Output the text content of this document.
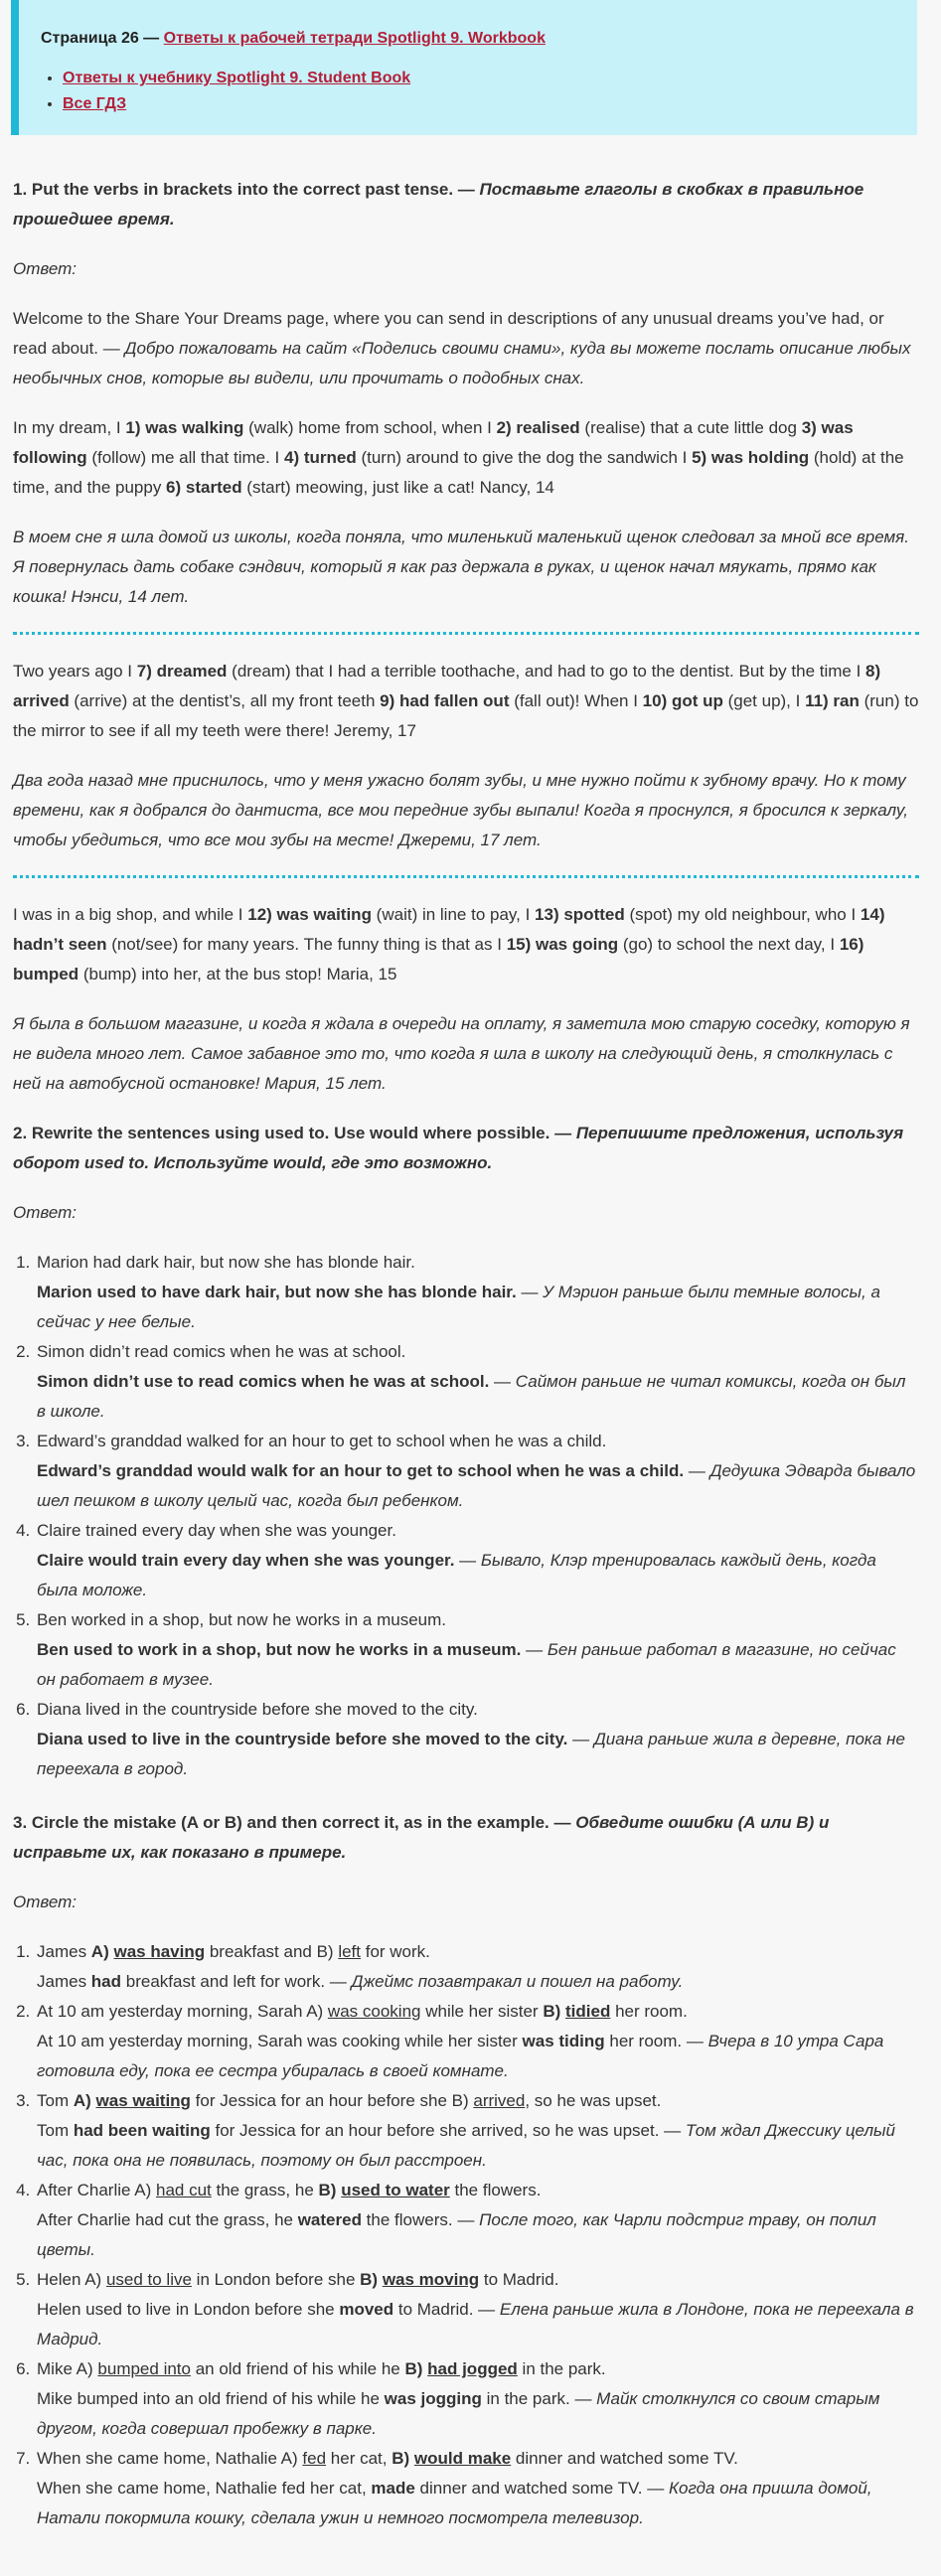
Страница 26 — Ответы к рабочей тетради Spotlight 9. Workbook
• Ответы к учебнику Spotlight 9. Student Book
• Все ГДЗ

1. Put the verbs in brackets into the correct past tense. — Поставьте глаголы в скобках в правильное прошедшее время.

Ответ:

Welcome to the Share Your Dreams page, where you can send in descriptions of any unusual dreams you’ve had, or read about. — Добро пожаловать на сайт «Поделись своими снами», куда вы можете послать описание любых необычных снов, которые вы видели, или прочитать о подобных снах.

In my dream, I 1) was walking (walk) home from school, when I 2) realised (realise) that a cute little dog 3) was following (follow) me all that time. I 4) turned (turn) around to give the dog the sandwich I 5) was holding (hold) at the time, and the puppy 6) started (start) meowing, just like a cat! Nancy, 14

В моем сне я шла домой из школы, когда поняла, что миленький маленький щенок следовал за мной все время. Я повернулась дать собаке сэндвич, который я как раз держала в руках, и щенок начал мяукать, прямо как кошка! Нэнси, 14 лет.

Two years ago I 7) dreamed (dream) that I had a terrible toothache, and had to go to the dentist. But by the time I 8) arrived (arrive) at the dentist’s, all my front teeth 9) had fallen out (fall out)! When I 10) got up (get up), I 11) ran (run) to the mirror to see if all my teeth were there! Jeremy, 17

Два года назад мне приснилось, что у меня ужасно болят зубы, и мне нужно пойти к зубному врачу. Но к тому времени, как я добрался до дантиста, все мои передние зубы выпали! Когда я проснулся, я бросился к зеркалу, чтобы убедиться, что все мои зубы на месте! Джереми, 17 лет.

I was in a big shop, and while I 12) was waiting (wait) in line to pay, I 13) spotted (spot) my old neighbour, who I 14) hadn’t seen (not/see) for many years. The funny thing is that as I 15) was going (go) to school the next day, I 16) bumped (bump) into her, at the bus stop! Maria, 15

Я была в большом магазине, и когда я ждала в очереди на оплату, я заметила мою старую соседку, которую я не видела много лет. Самое забавное это то, что когда я шла в школу на следующий день, я столкнулась с ней на автобусной остановке! Мария, 15 лет.

2. Rewrite the sentences using used to. Use would where possible. — Перепишите предложения, используя оборот used to. Используйте would, где это возможно.

Ответ:

1. Marion had dark hair, but now she has blonde hair.
Marion used to have dark hair, but now she has blonde hair. — У Мэрион раньше были темные волосы, а сейчас у нее белые.
2. Simon didn’t read comics when he was at school.
Simon didn’t use to read comics when he was at school. — Саймон раньше не читал комиксы, когда он был в школе.
3. Edward’s granddad walked for an hour to get to school when he was a child.
Edward’s granddad would walk for an hour to get to school when he was a child. — Дедушка Эдварда бывало шел пешком в школу целый час, когда был ребенком.
4. Claire trained every day when she was younger.
Claire would train every day when she was younger. — Бывало, Клэр тренировалась каждый день, когда была моложе.
5. Ben worked in a shop, but now he works in a museum.
Ben used to work in a shop, but now he works in a museum. — Бен раньше работал в магазине, но сейчас он работает в музее.
6. Diana lived in the countryside before she moved to the city.
Diana used to live in the countryside before she moved to the city. — Диана раньше жила в деревне, пока не переехала в город.

3. Circle the mistake (A or B) and then correct it, as in the example. — Обведите ошибки (А или В) и исправьте их, как показано в примере.

Ответ:

1. James A) was having breakfast and B) left for work.
James had breakfast and left for work. — Джеймс позавтракал и пошел на работу.
2. At 10 am yesterday morning, Sarah A) was cooking while her sister B) tidied her room.
At 10 am yesterday morning, Sarah was cooking while her sister was tiding her room. — Вчера в 10 утра Сара готовила еду, пока ее сестра убиралась в своей комнате.
3. Tom A) was waiting for Jessica for an hour before she B) arrived, so he was upset.
Tom had been waiting for Jessica for an hour before she arrived, so he was upset. — Том ждал Джессику целый час, пока она не появилась, поэтому он был расстроен.
4. After Charlie A) had cut the grass, he B) used to water the flowers.
After Charlie had cut the grass, he watered the flowers. — После того, как Чарли подстриг траву, он полил цветы.
5. Helen A) used to live in London before she B) was moving to Madrid.
Helen used to live in London before she moved to Madrid. — Елена раньше жила в Лондоне, пока не переехала в Мадрид.
6. Mike A) bumped into an old friend of his while he B) had jogged in the park.
Mike bumped into an old friend of his while he was jogging in the park. — Майк столкнулся со своим старым другом, когда совершал пробежку в парке.
7. When she came home, Nathalie A) fed her cat, B) would make dinner and watched some TV.
When she came home, Nathalie fed her cat, made dinner and watched some TV. — Когда она пришла домой, Натали покормила кошку, сделала ужин и немного посмотрела телевизор.
